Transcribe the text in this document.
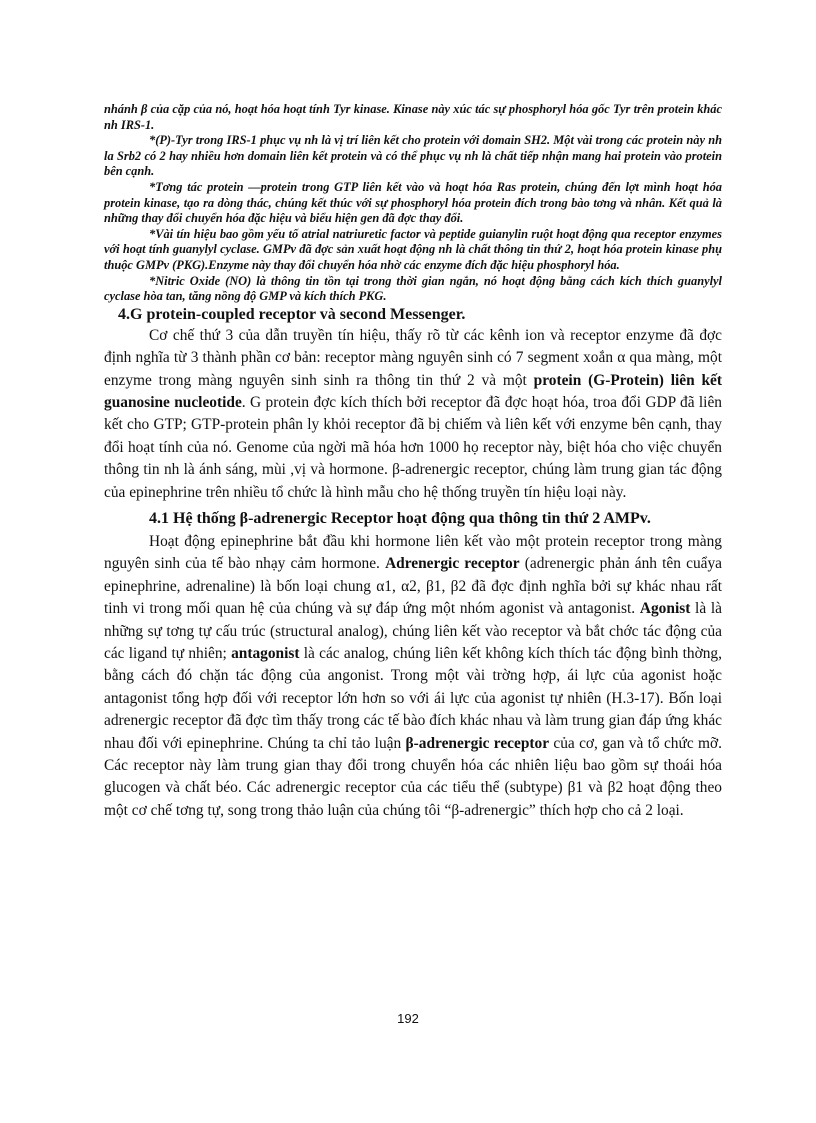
nhánh β của cặp của nó, hoạt hóa hoạt tính Tyr kinase. Kinase này xúc tác sự phosphoryl hóa gốc Tyr trên protein khác nh IRS-1.

*(P)-Tyr trong IRS-1 phục vụ nh là vị trí liên kết cho protein với domain SH2. Một vài trong các protein này nh la Srb2 có 2 hay nhiều hơn domain liên kết protein và có thể phục vụ nh là chất tiếp nhận mang hai protein vào protein bên cạnh.

*Tơng tác protein —protein trong GTP liên kết vào và hoạt hóa Ras protein, chúng đến lợt mình hoạt hóa protein kinase, tạo ra dòng thác, chúng kết thúc với sự phosphoryl hóa protein đích trong bào tơng và nhân. Kết quả là những thay đổi chuyển hóa đặc hiệu và biểu hiện gen đã đợc thay đổi.

*Vài tín hiệu bao gồm yếu tố atrial natriuretic factor và peptide guianylin ruột hoạt động qua receptor enzymes với hoạt tính guanylyl cyclase. GMPv đã đợc sản xuất hoạt động nh là chất thông tin thứ 2, hoạt hóa protein kinase phụ thuộc GMPv (PKG).Enzyme này thay đổi chuyển hóa nhờ các enzyme đích đặc hiệu phosphoryl hóa.

*Nitric Oxide (NO) là thông tin tồn tại trong thời gian ngắn, nó hoạt động bằng cách kích thích guanylyl cyclase hòa tan, tăng nồng độ GMP và kích thích PKG.

4.G protein-coupled receptor và second Messenger.

Cơ chế thứ 3 của dẫn truyền tín hiệu, thấy rõ từ các kênh ion và receptor enzyme đã đợc định nghĩa từ 3 thành phần cơ bản: receptor màng nguyên sinh có 7 segment xoắn α qua màng, một enzyme trong màng nguyên sinh sinh ra thông tin thứ 2 và một protein (G-Protein) liên kết guanosine nucleotide. G protein đợc kích thích bởi receptor đã đợc hoạt hóa, troa đổi GDP đã liên kết cho GTP; GTP-protein phân ly khỏi receptor đã bị chiếm và liên kết với enzyme bên cạnh, thay đổi hoạt tính của nó. Genome của ngời mã hóa hơn 1000 họ receptor này, biệt hóa cho việc chuyển thông tin nh là ánh sáng, mùi ,vị và hormone. β-adrenergic receptor, chúng làm trung gian tác động của epinephrine trên nhiều tổ chức là hình mẫu cho hệ thống truyền tín hiệu loại này.

4.1 Hệ thống β-adrenergic Receptor hoạt động qua thông tin thứ 2 AMPv.

Hoạt động epinephrine bắt đầu khi hormone liên kết vào một protein receptor trong màng nguyên sinh của tế bào nhạy cảm hormone. Adrenergic receptor (adrenergic phản ánh tên cuẩya epinephrine, adrenaline) là bốn loại chung α1, α2, β1, β2 đã đợc định nghĩa bởi sự khác nhau rất tinh vi trong mối quan hệ của chúng và sự đáp ứng một nhóm agonist và antagonist. Agonist là là những sự tơng tự cấu trúc (structural analog), chúng liên kết vào receptor và bắt chớc tác động của các ligand tự nhiên; antagonist là các analog, chúng liên kết không kích thích tác động bình thờng, bằng cách đó chặn tác động của angonist. Trong một vài trờng hợp, ái lực của agonist hoặc antagonist tổng hợp đối với receptor lớn hơn so với ái lực của agonist tự nhiên (H.3-17). Bốn loại adrenergic receptor đã đợc tìm thấy trong các tế bào đích khác nhau và làm trung gian đáp ứng khác nhau đối với epinephrine. Chúng ta chỉ tảo luận β-adrenergic receptor của cơ, gan và tổ chức mỡ. Các receptor này làm trung gian thay đổi trong chuyển hóa các nhiên liệu bao gồm sự thoái hóa glucogen và chất béo. Các adrenergic receptor của các tiểu thể (subtype) β1 và β2 hoạt động theo một cơ chế tơng tự, song trong thảo luận của chúng tôi “β-adrenergic” thích hợp cho cả 2 loại.

192
